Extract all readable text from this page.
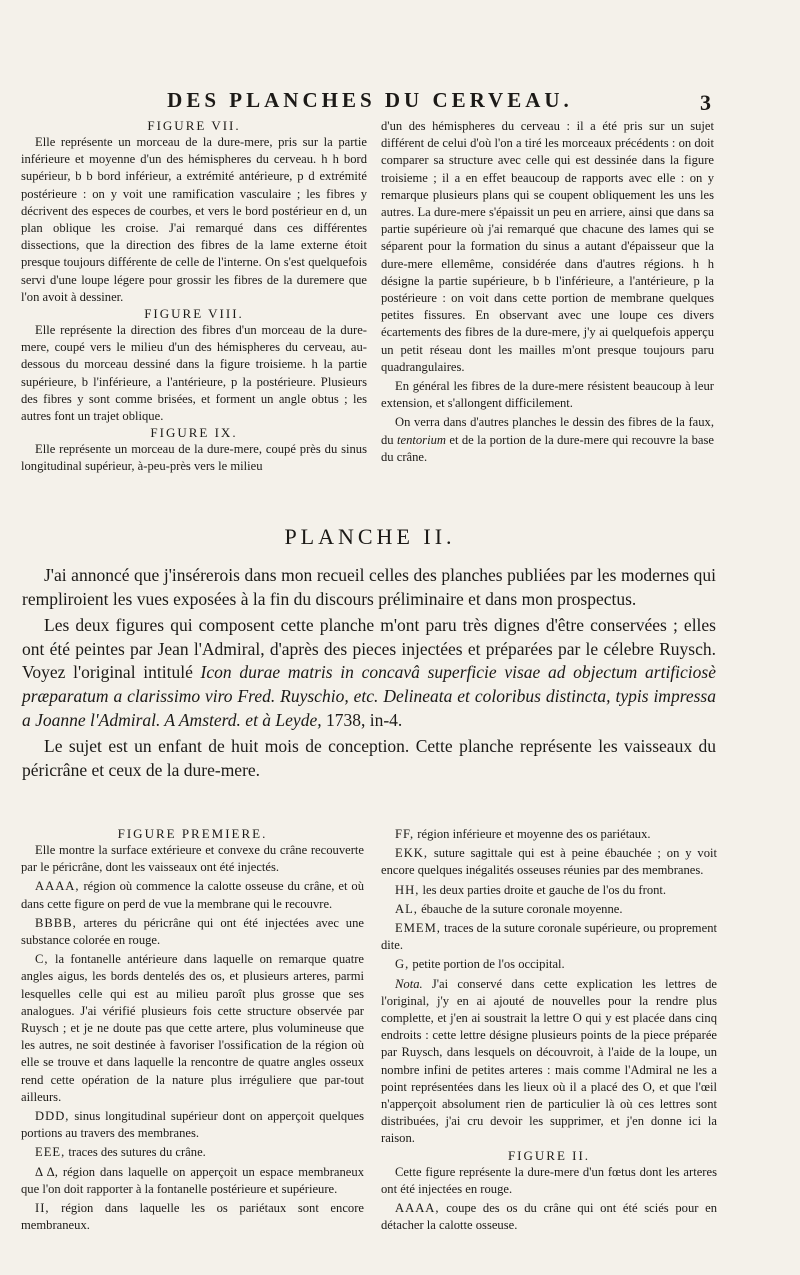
DES PLANCHES DU CERVEAU.	3
FIGURE VII.

Elle représente un morceau de la dure-mere, pris sur la partie inférieure et moyenne d'un des hémispheres du cerveau. h h bord supérieur, b b bord inférieur, a extrémité antérieure, p d extrémité postérieure : on y voit une ramification vasculaire ; les fibres y décrivent des especes de courbes, et vers le bord postérieur en d, un plan oblique les croise. J'ai remarqué dans ces différentes dissections, que la direction des fibres de la lame externe étoit presque toujours différente de celle de l'interne. On s'est quelquefois servi d'une loupe légere pour grossir les fibres de la duremere que l'on avoit à dessiner.

FIGURE VIII.

Elle représente la direction des fibres d'un morceau de la dure-mere, coupé vers le milieu d'un des hémispheres du cerveau, au-dessous du morceau dessiné dans la figure troisieme. h la partie supérieure, b l'inférieure, a l'antérieure, p la postérieure. Plusieurs des fibres y sont comme brisées, et forment un angle obtus ; les autres font un trajet oblique.

FIGURE IX.

Elle représente un morceau de la dure-mere, coupé près du sinus longitudinal supérieur, à-peu-près vers le milieu

d'un des hémispheres du cerveau : il a été pris sur un sujet différent de celui d'où l'on a tiré les morceaux précédents : on doit comparer sa structure avec celle qui est dessinée dans la figure troisieme ; il a en effet beaucoup de rapports avec elle : on y remarque plusieurs plans qui se coupent obliquement les uns les autres. La dure-mere s'épaissit un peu en arriere, ainsi que dans sa partie supérieure où j'ai remarqué que chacune des lames qui se séparent pour la formation du sinus a autant d'épaisseur que la dure-mere ellemême, considérée dans d'autres régions. h h désigne la partie supérieure, b b l'inférieure, a l'antérieure, p la postérieure : on voit dans cette portion de membrane quelques petites fissures. En observant avec une loupe ces divers écartements des fibres de la dure-mere, j'y ai quelquefois apperçu un petit réseau dont les mailles m'ont presque toujours paru quadrangulaires.

En général les fibres de la dure-mere résistent beaucoup à leur extension, et s'allongent difficilement.

On verra dans d'autres planches le dessin des fibres de la faux, du tentorium et de la portion de la dure-mere qui recouvre la base du crâne.

PLANCHE II.

J'ai annoncé que j'insérerois dans mon recueil celles des planches publiées par les modernes qui rempliroient les vues exposées à la fin du discours préliminaire et dans mon prospectus.

Les deux figures qui composent cette planche m'ont paru très dignes d'être conservées ; elles ont été peintes par Jean l'Admiral, d'après des pieces injectées et préparées par le célebre Ruysch. Voyez l'original intitulé Icon durae matris in concavâ superficie visae ad objectum artificiosè præparatum a clarissimo viro Fred. Ruyschio, etc. Delineata et coloribus distincta, typis impressa a Joanne l'Admiral. A Amsterd. et à Leyde, 1738, in-4.

Le sujet est un enfant de huit mois de conception. Cette planche représente les vaisseaux du péricrâne et ceux de la dure-mere.

FIGURE PREMIERE.

Elle montre la surface extérieure et convexe du crâne recouverte par le péricrâne, dont les vaisseaux ont été injectés.

AAAA, région où commence la calotte osseuse du crâne, et où dans cette figure on perd de vue la membrane qui le recouvre.

BBBB, arteres du péricrâne qui ont été injectées avec une substance colorée en rouge.

C, la fontanelle antérieure dans laquelle on remarque quatre angles aigus, les bords dentelés des os, et plusieurs arteres, parmi lesquelles celle qui est au milieu paroît plus grosse que ses analogues. J'ai vérifié plusieurs fois cette structure observée par Ruysch ; et je ne doute pas que cette artere, plus volumineuse que les autres, ne soit destinée à favoriser l'ossification de la région où elle se trouve et dans laquelle la rencontre de quatre angles osseux rend cette opération de la nature plus irréguliere que par-tout ailleurs.

DDD, sinus longitudinal supérieur dont on apperçoit quelques portions au travers des membranes.

EEE, traces des sutures du crâne.

Δ Δ, région dans laquelle on apperçoit un espace membraneux que l'on doit rapporter à la fontanelle postérieure et supérieure.

II, région dans laquelle les os pariétaux sont encore membraneux.

FF, région inférieure et moyenne des os pariétaux.

EKK, suture sagittale qui est à peine ébauchée ; on y voit encore quelques inégalités osseuses réunies par des membranes.

HH, les deux parties droite et gauche de l'os du front.

AL, ébauche de la suture coronale moyenne.

EMEM, traces de la suture coronale supérieure, ou proprement dite.

G, petite portion de l'os occipital.

Nota. J'ai conservé dans cette explication les lettres de l'original, j'y en ai ajouté de nouvelles pour la rendre plus complette, et j'en ai soustrait la lettre O qui y est placée dans cinq endroits : cette lettre désigne plusieurs points de la piece préparée par Ruysch, dans lesquels on découvroit, à l'aide de la loupe, un nombre infini de petites arteres : mais comme l'Admiral ne les a point représentées dans les lieux où il a placé des O, et que l'œil n'apperçoit absolument rien de particulier là où ces lettres sont distribuées, j'ai cru devoir les supprimer, et j'en donne ici la raison.

FIGURE II.

Cette figure représente la dure-mere d'un fœtus dont les arteres ont été injectées en rouge.

AAAA, coupe des os du crâne qui ont été sciés pour en détacher la calotte osseuse.
